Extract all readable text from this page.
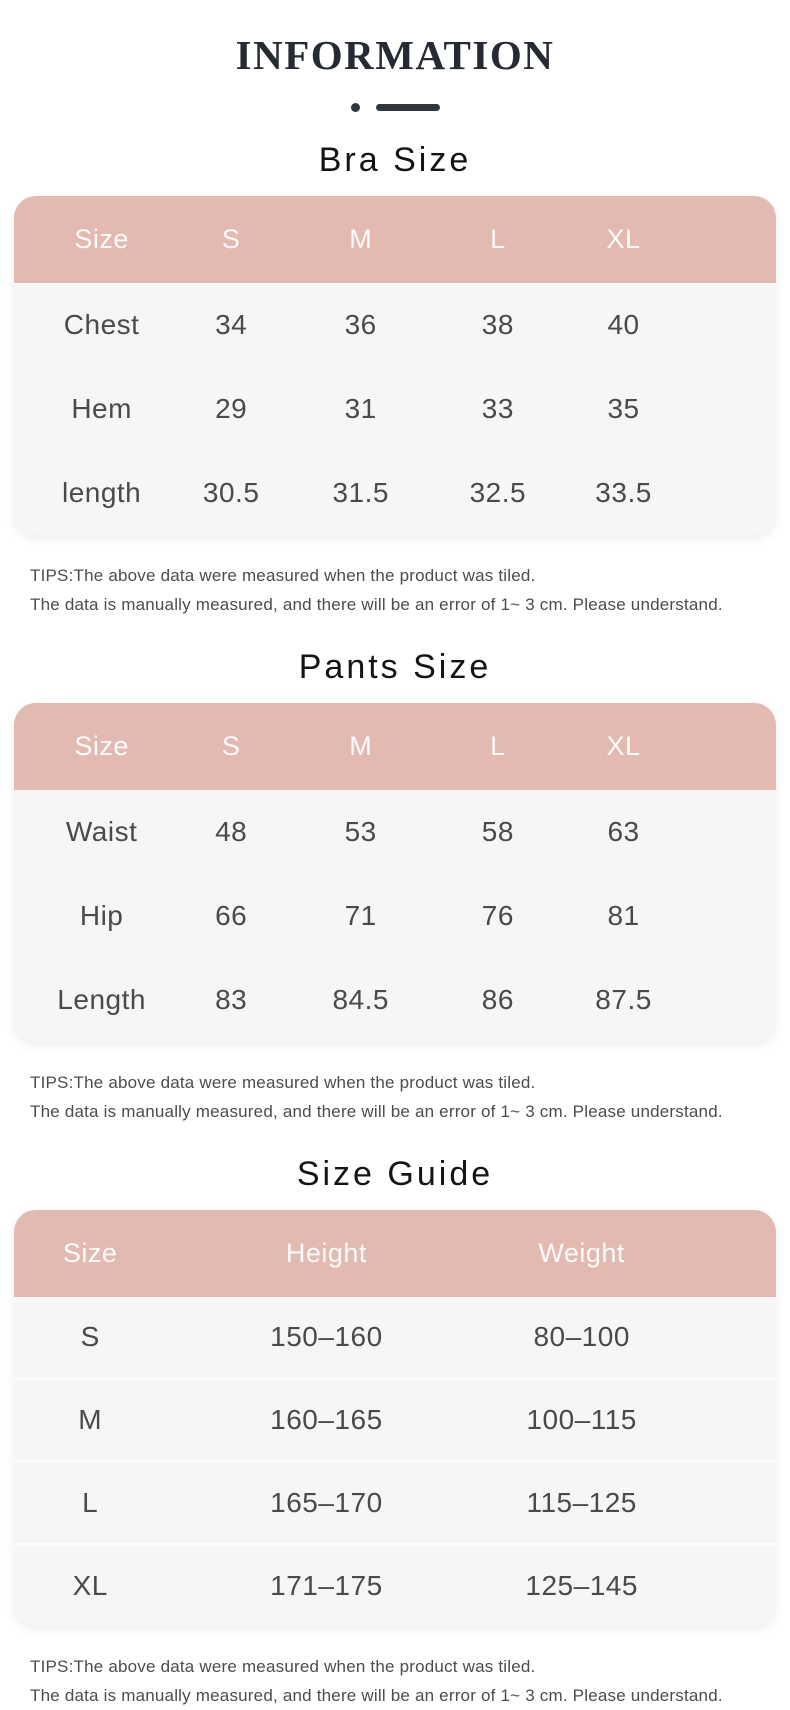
INFORMATION
Bra Size
Size	S	M	L	XL
Chest	34	36	38	40
Hem	29	31	33	35
length	30.5	31.5	32.5	33.5

TIPS:The above data were measured when the product was tiled.

The data is manually measured, and there will be an error of 1~ 3 cm. Please understand.

Pants Size
Size	S	M	L	XL
Waist	48	53	58	63
Hip	66	71	76	81
Length	83	84.5	86	87.5

TIPS:The above data were measured when the product was tiled.

The data is manually measured, and there will be an error of 1~ 3 cm. Please understand.

Size Guide
Size	Height	Weight
S	150–160	80–100
M	160–165	100–115
L	165–170	115–125
XL	171–175	125–145

TIPS:The above data were measured when the product was tiled.

The data is manually measured, and there will be an error of 1~ 3 cm. Please understand.
